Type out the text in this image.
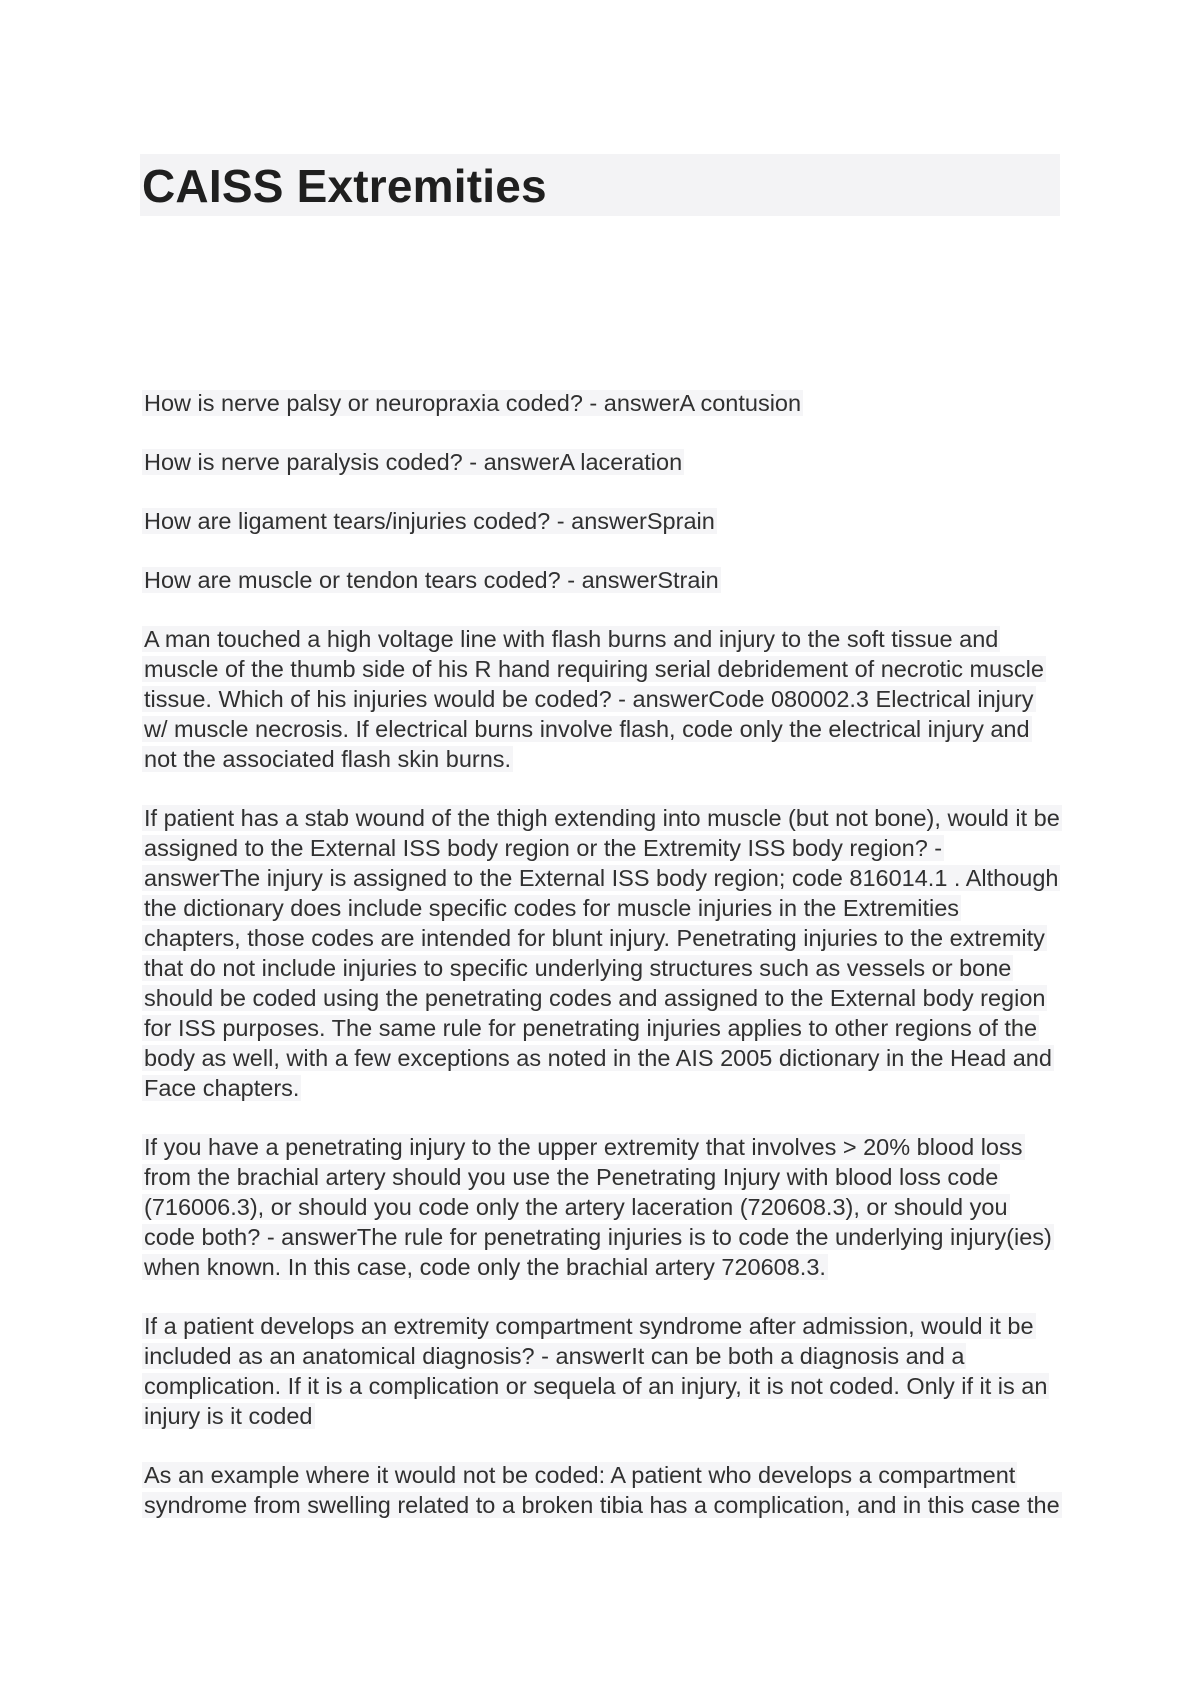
CAISS Extremities

How is nerve palsy or neuropraxia coded? - answerA contusion

How is nerve paralysis coded? - answerA laceration

How are ligament tears/injuries coded? - answerSprain

How are muscle or tendon tears coded? - answerStrain

A man touched a high voltage line with flash burns and injury to the soft tissue and muscle of the thumb side of his R hand requiring serial debridement of necrotic muscle tissue. Which of his injuries would be coded? - answerCode 080002.3 Electrical injury w/ muscle necrosis. If electrical burns involve flash, code only the electrical injury and not the associated flash skin burns.

If patient has a stab wound of the thigh extending into muscle (but not bone), would it be assigned to the External ISS body region or the Extremity ISS body region? - answerThe injury is assigned to the External ISS body region; code 816014.1 . Although the dictionary does include specific codes for muscle injuries in the Extremities chapters, those codes are intended for blunt injury. Penetrating injuries to the extremity that do not include injuries to specific underlying structures such as vessels or bone should be coded using the penetrating codes and assigned to the External body region for ISS purposes. The same rule for penetrating injuries applies to other regions of the body as well, with a few exceptions as noted in the AIS 2005 dictionary in the Head and Face chapters.

If you have a penetrating injury to the upper extremity that involves > 20% blood loss from the brachial artery should you use the Penetrating Injury with blood loss code (716006.3), or should you code only the artery laceration (720608.3), or should you code both? - answerThe rule for penetrating injuries is to code the underlying injury(ies) when known. In this case, code only the brachial artery 720608.3.

If a patient develops an extremity compartment syndrome after admission, would it be included as an anatomical diagnosis? - answerIt can be both a diagnosis and a complication. If it is a complication or sequela of an injury, it is not coded. Only if it is an injury is it coded

As an example where it would not be coded: A patient who develops a compartment syndrome from swelling related to a broken tibia has a complication, and in this case the
